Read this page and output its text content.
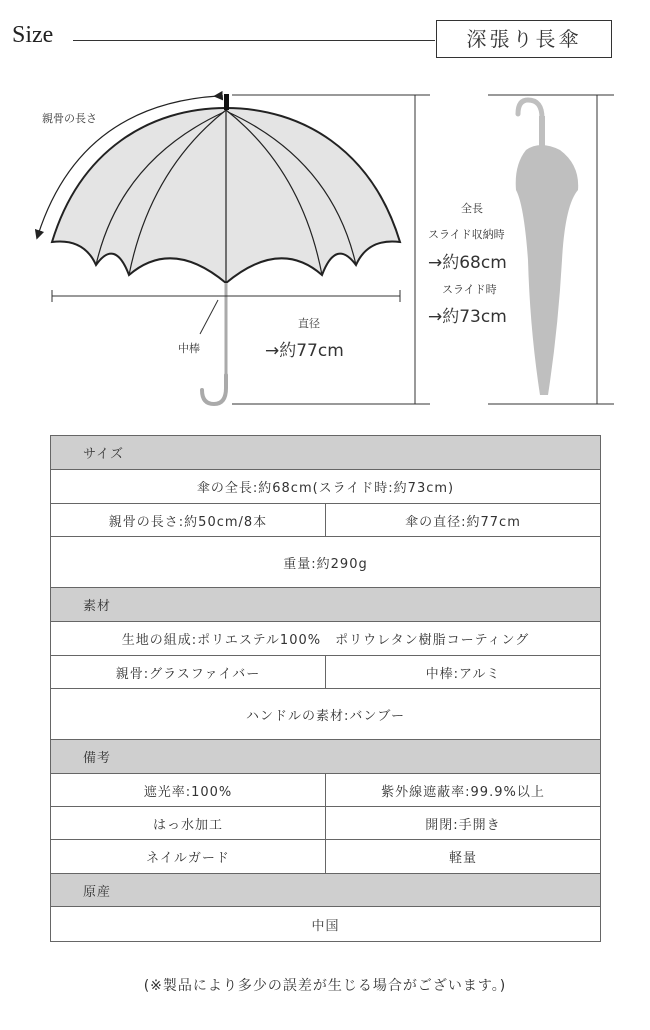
Size	深張り長傘
親骨の長さ
中棒
直径
→約77cm
全長
スライド収納時
→約68cm
スライド時
→約73cm
サイズ	
傘の全長:約68cm(スライド時:約73cm)	
親骨の長さ:約50cm/8本	傘の直径:約77cm
重量:約290g	
素材	
生地の組成:ポリエステル100%　ポリウレタン樹脂コーティング	
親骨:グラスファイバー	中棒:アルミ
ハンドルの素材:バンブー	
備考	
遮光率:100%	紫外線遮蔽率:99.9%以上
はっ水加工	開閉:手開き
ネイルガード	軽量
原産	
中国	
(※製品により多少の誤差が生じる場合がございます。)
